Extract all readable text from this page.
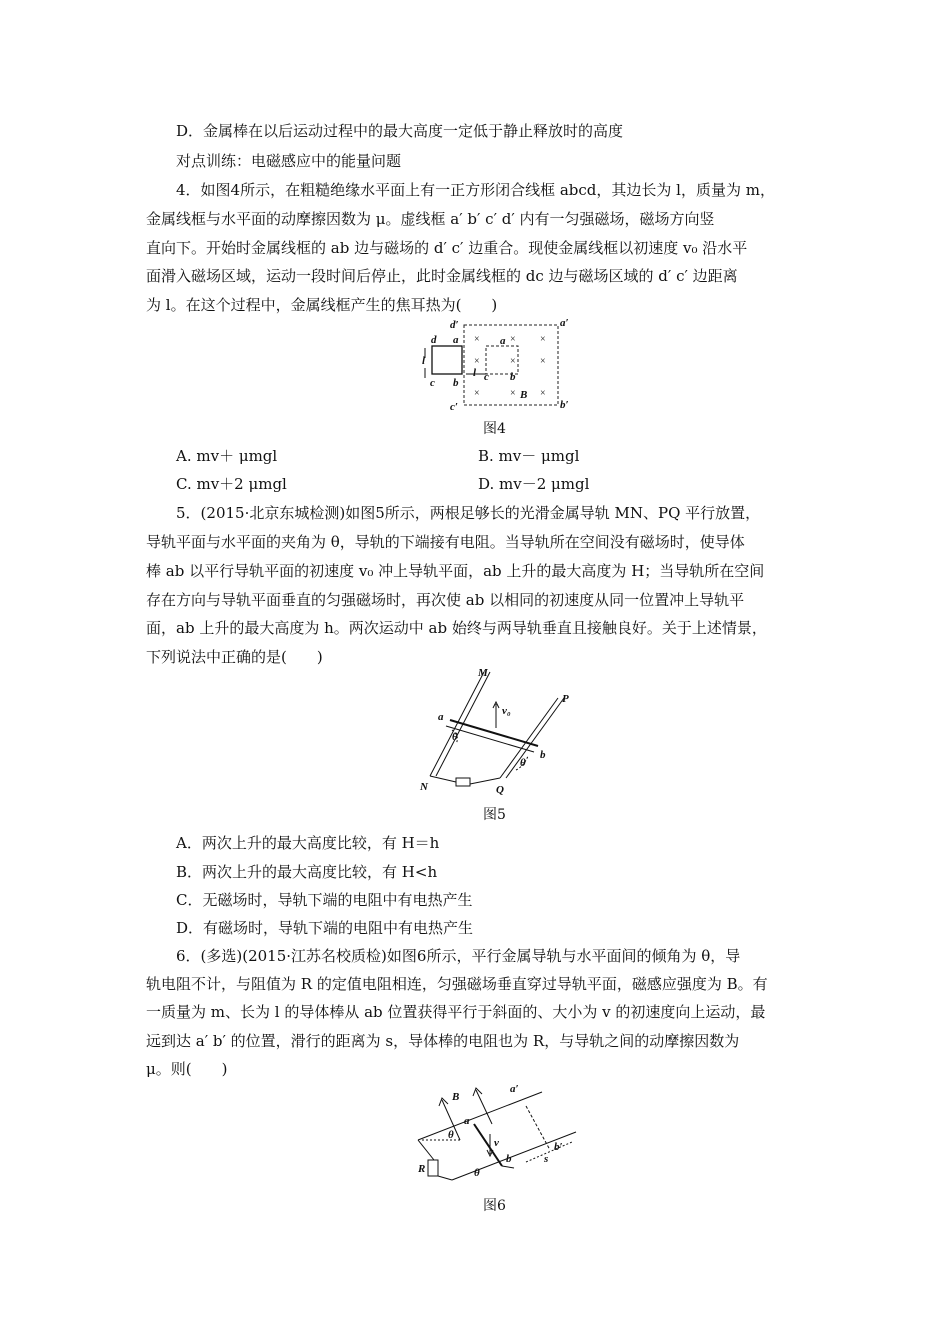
D．金属棒在以后运动过程中的最大高度一定低于静止释放时的高度
对点训练：电磁感应中的能量问题
4．如图4所示，在粗糙绝缘水平面上有一正方形闭合线框 abcd，其边长为 l，质量为 m，
金属线框与水平面的动摩擦因数为 μ。虚线框 a′ b′ c′ d′ 内有一匀强磁场，磁场方向竖
直向下。开始时金属线框的 ab 边与磁场的 d′ c′ 边重合。现使金属线框以初速度 v₀ 沿水平
面滑入磁场区域，运动一段时间后停止，此时金属线框的 dc 边与磁场区域的 d′ c′ 边距离
为 l。在这个过程中，金属线框产生的焦耳热为(　　)
d′	a′
b′
c′
d a
b
c
l
l
a
c b
B
×	× ×
×	× ×
×	× ×
图4
A. mv＋ μmgl	B. mv－ μmgl
C. mv＋2 μmgl	D. mv－2 μmgl
5．(2015·北京东城检测)如图5所示，两根足够长的光滑金属导轨 MN、PQ 平行放置，
导轨平面与水平面的夹角为 θ，导轨的下端接有电阻。当导轨所在空间没有磁场时，使导体
棒 ab 以平行导轨平面的初速度 v₀ 冲上导轨平面，ab 上升的最大高度为 H；当导轨所在空间
存在方向与导轨平面垂直的匀强磁场时，再次使 ab 以相同的初速度从同一位置冲上导轨平
面，ab 上升的最大高度为 h。两次运动中 ab 始终与两导轨垂直且接触良好。关于上述情景，
下列说法中正确的是(　　)
M
P
N	Q
a
b
v₀
θ
θ
图5
A．两次上升的最大高度比较，有 H＝h
B．两次上升的最大高度比较，有 H<h
C．无磁场时，导轨下端的电阻中有电热产生
D．有磁场时，导轨下端的电阻中有电热产生
6．(多选)(2015·江苏名校质检)如图6所示，平行金属导轨与水平面间的倾角为 θ，导
轨电阻不计，与阻值为 R 的定值电阻相连，匀强磁场垂直穿过导轨平面，磁感应强度为 B。有
一质量为 m、长为 l 的导体棒从 ab 位置获得平行于斜面的、大小为 v 的初速度向上运动，最
远到达 a′ b′ 的位置，滑行的距离为 s，导体棒的电阻也为 R，与导轨之间的动摩擦因数为
μ。则(　　)
B
a
v
a′
b′
b	s
R
θ
θ
图6
